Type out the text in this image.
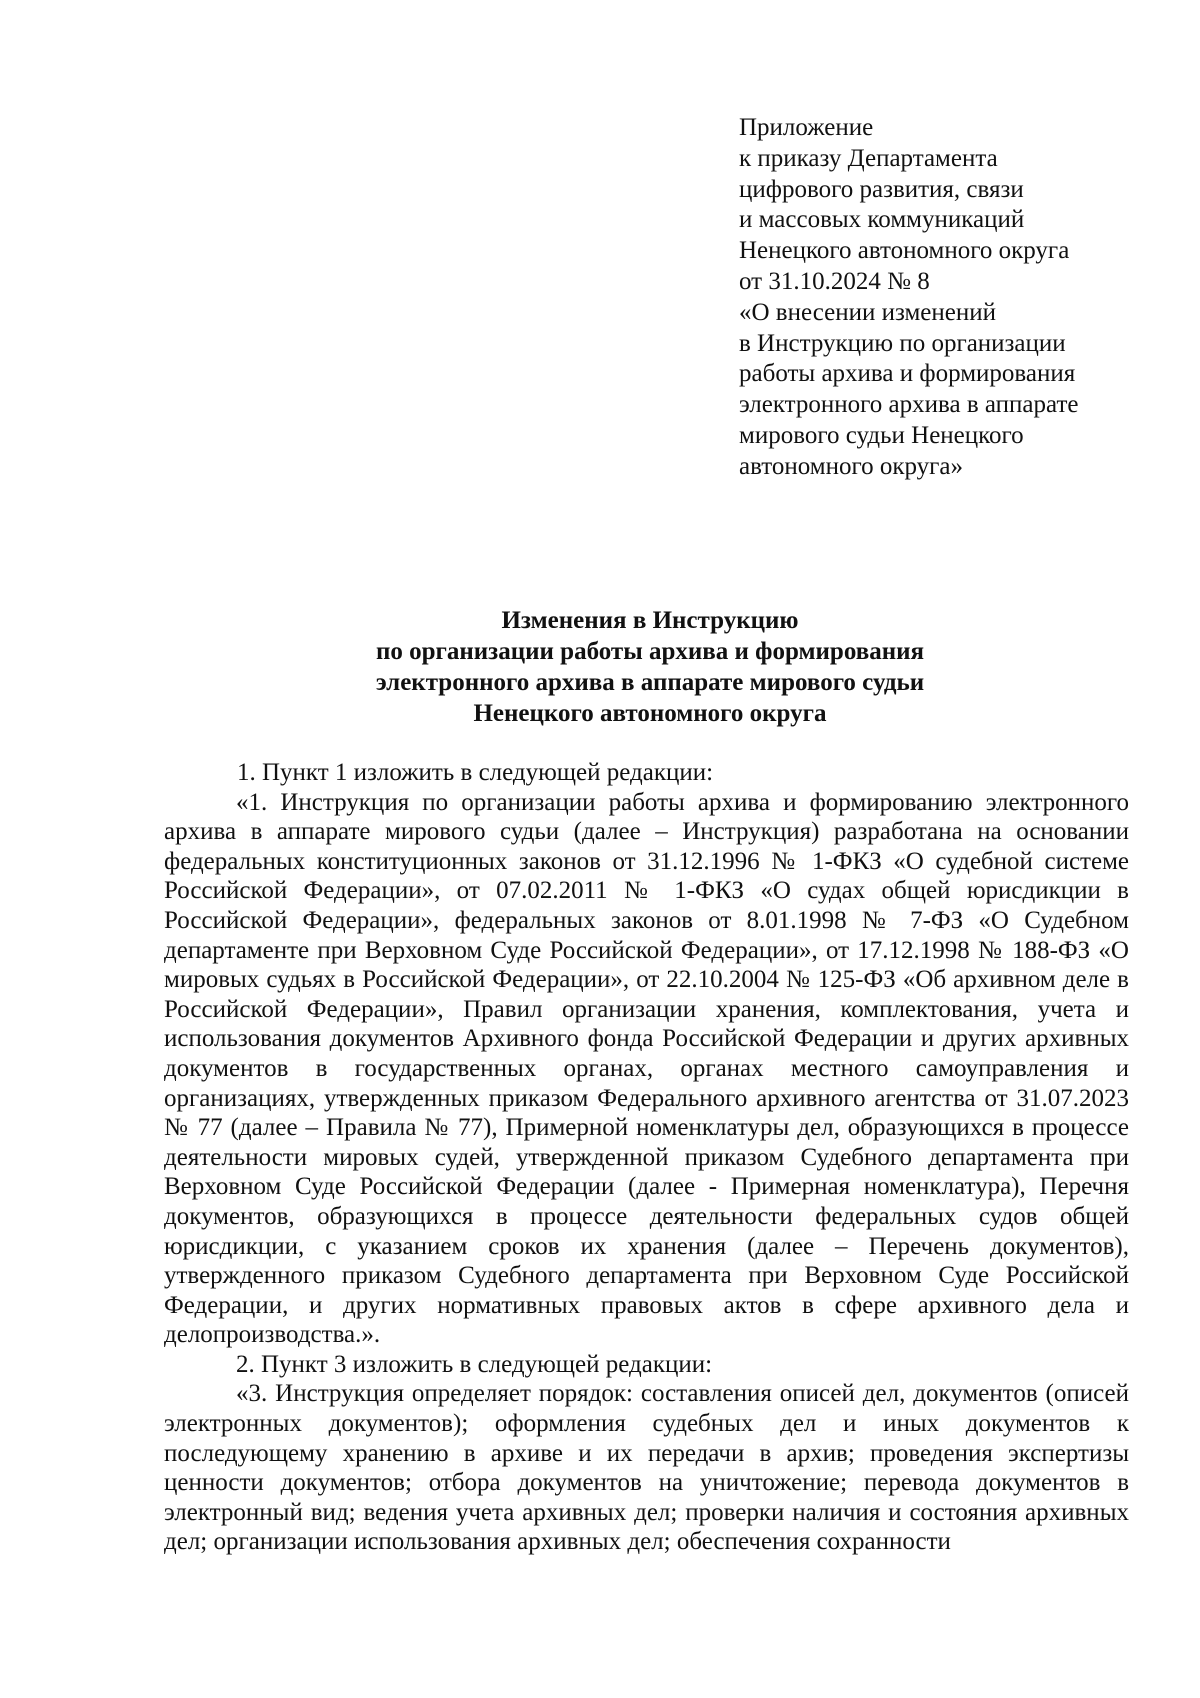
Приложение
к приказу Департамента
цифрового развития, связи
и массовых коммуникаций
Ненецкого автономного округа
от 31.10.2024 № 8
«О внесении изменений
в Инструкцию по организации
работы архива и формирования
электронного архива в аппарате
мирового судьи Ненецкого
автономного округа»
Изменения в Инструкцию
по организации работы архива и формирования
электронного архива в аппарате мирового судьи
Ненецкого автономного округа

1. Пункт 1 изложить в следующей редакции:

«1. Инструкция по организации работы архива и формированию электронного архива в аппарате мирового судьи (далее – Инструкция) разработана на основании федеральных конституционных законов от 31.12.1996 № 1-ФКЗ «О судебной системе Российской Федерации», от 07.02.2011 № 1-ФКЗ «О судах общей юрисдикции в Российской Федерации», федеральных законов от 8.01.1998 № 7-ФЗ «О Судебном департаменте при Верховном Суде Российской Федерации», от 17.12.1998 № 188-ФЗ «О мировых судьях в Российской Федерации», от 22.10.2004 № 125-ФЗ «Об архивном деле в Российской Федерации», Правил организации хранения, комплектования, учета и использования документов Архивного фонда Российской Федерации и других архивных документов в государственных органах, органах местного самоуправления и организациях, утвержденных приказом Федерального архивного агентства от 31.07.2023 № 77 (далее – Правила № 77), Примерной номенклатуры дел, образующихся в процессе деятельности мировых судей, утвержденной приказом Судебного департамента при Верховном Суде Российской Федерации (далее - Примерная номенклатура), Перечня документов, образующихся в процессе деятельности федеральных судов общей юрисдикции, с указанием сроков их хранения (далее – Перечень документов), утвержденного приказом Судебного департамента при Верховном Суде Российской Федерации, и других нормативных правовых актов в сфере архивного дела и делопроизводства.».

2. Пункт 3 изложить в следующей редакции:

«3. Инструкция определяет порядок: составления описей дел, документов (описей электронных документов); оформления судебных дел и иных документов к последующему хранению в архиве и их передачи в архив; проведения экспертизы ценности документов; отбора документов на уничтожение; перевода документов в электронный вид; ведения учета архивных дел; проверки наличия и состояния архивных дел; организации использования архивных дел; обеспечения сохранности
